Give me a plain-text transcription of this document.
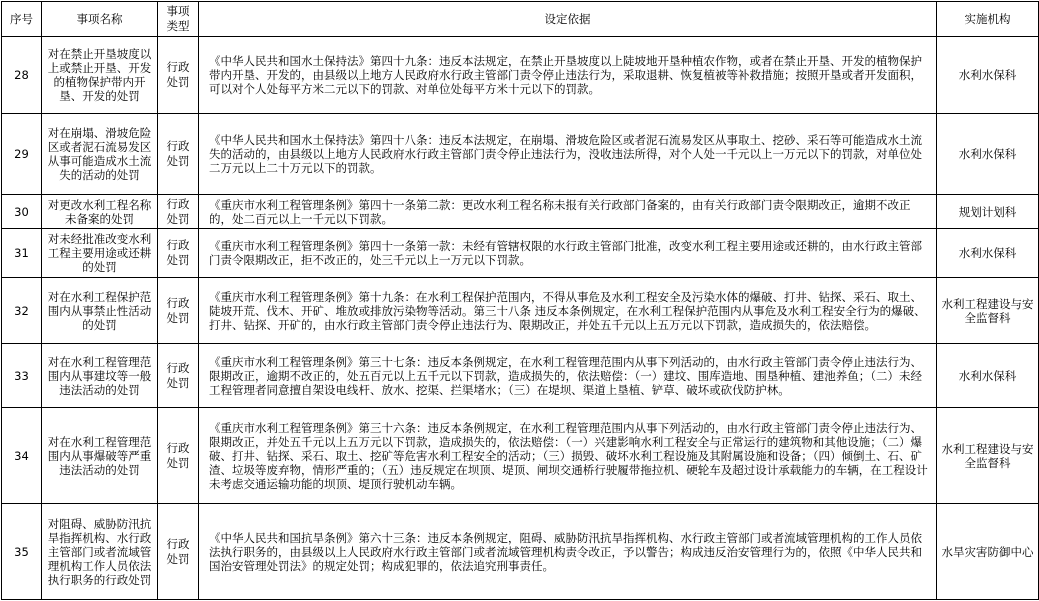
序号	事项名称	事项类型	设定依据	实施机构
28	对在禁止开垦坡度以上或禁止开垦、开发的植物保护带内开垦、开发的处罚	行政处罚	《中华人民共和国水土保持法》第四十九条：违反本法规定，在禁止开垦坡度以上陡坡地开垦种植农作物，或者在禁止开垦、开发的植物保护带内开垦、开发的，由县级以上地方人民政府水行政主管部门责令停止违法行为，采取退耕、恢复植被等补救措施；按照开垦或者开发面积，可以对个人处每平方米二元以下的罚款、对单位处每平方米十元以下的罚款。	水利水保科
29	对在崩塌、滑坡危险区或者泥石流易发区从事可能造成水土流失的活动的处罚	行政处罚	《中华人民共和国水土保持法》第四十八条：违反本法规定，在崩塌、滑坡危险区或者泥石流易发区从事取土、挖砂、采石等可能造成水土流失的活动的，由县级以上地方人民政府水行政主管部门责令停止违法行为，没收违法所得，对个人处一千元以上一万元以下的罚款，对单位处二万元以上二十万元以下的罚款。	水利水保科
30	对更改水利工程名称未备案的处罚	行政处罚	《重庆市水利工程管理条例》第四十一条第二款：更改水利工程名称未报有关行政部门备案的，由有关行政部门责令限期改正，逾期不改正的，处二百元以上一千元以下罚款。	规划计划科
31	对未经批准改变水利工程主要用途或还耕的处罚	行政处罚	《重庆市水利工程管理条例》第四十一条第一款：未经有管辖权限的水行政主管部门批准，改变水利工程主要用途或还耕的，由水行政主管部门责令限期改正，拒不改正的，处三千元以上一万元以下罚款。	水利水保科
32	对在水利工程保护范围内从事禁止性活动的处罚	行政处罚	《重庆市水利工程管理条例》第十九条：在水利工程保护范围内，不得从事危及水利工程安全及污染水体的爆破、打井、钻探、采石、取土、陡坡开荒、伐木、开矿、堆放或排放污染物等活动。第三十八条 违反本条例规定，在水利工程保护范围内从事危及水利工程安全行为的爆破、打井、钻探、开矿的，由水行政主管部门责令停止违法行为、限期改正，并处五千元以上五万元以下罚款，造成损失的，依法赔偿。	水利工程建设与安全监督科
33	对在水利工程管理范围内从事建坟等一般违法活动的处罚	行政处罚	《重庆市水利工程管理条例》第三十七条：违反本条例规定，在水利工程管理范围内从事下列活动的，由水行政主管部门责令停止违法行为、限期改正，逾期不改正的，处五百元以上五千元以下罚款，造成损失的，依法赔偿：（一）建坟、围库造地、围垦种植、建池养鱼；（二）未经工程管理者同意擅自架设电线杆、放水、挖渠、拦渠堵水；（三）在堤坝、渠道上垦植、铲草、破坏或砍伐防护林。	水利水保科
34	对在水利工程管理范围内从事爆破等严重违法活动的处罚	行政处罚	《重庆市水利工程管理条例》第三十六条：违反本条例规定，在水利工程管理范围内从事下列活动的，由水行政主管部门责令停止违法行为、限期改正，并处五千元以上五万元以下罚款，造成损失的，依法赔偿：（一）兴建影响水利工程安全与正常运行的建筑物和其他设施；（二）爆破、打井、钻探、采石、取土、挖矿等危害水利工程安全的活动；（三）损毁、破坏水利工程设施及其附属设施和设备；（四）倾倒土、石、矿渣、垃圾等废弃物，情形严重的；（五）违反规定在坝顶、堤顶、闸坝交通桥行驶履带拖拉机、硬轮车及超过设计承载能力的车辆，在工程设计未考虑交通运输功能的坝顶、堤顶行驶机动车辆。	水利工程建设与安全监督科
35	对阻碍、威胁防汛抗旱指挥机构、水行政主管部门或者流域管理机构工作人员依法执行职务的行政处罚	行政处罚	《中华人民共和国抗旱条例》第六十三条：违反本条例规定，阻碍、威胁防汛抗旱指挥机构、水行政主管部门或者流域管理机构的工作人员依法执行职务的，由县级以上人民政府水行政主管部门或者流域管理机构责令改正，予以警告；构成违反治安管理行为的，依照《中华人民共和国治安管理处罚法》的规定处罚；构成犯罪的，依法追究刑事责任。	水旱灾害防御中心
